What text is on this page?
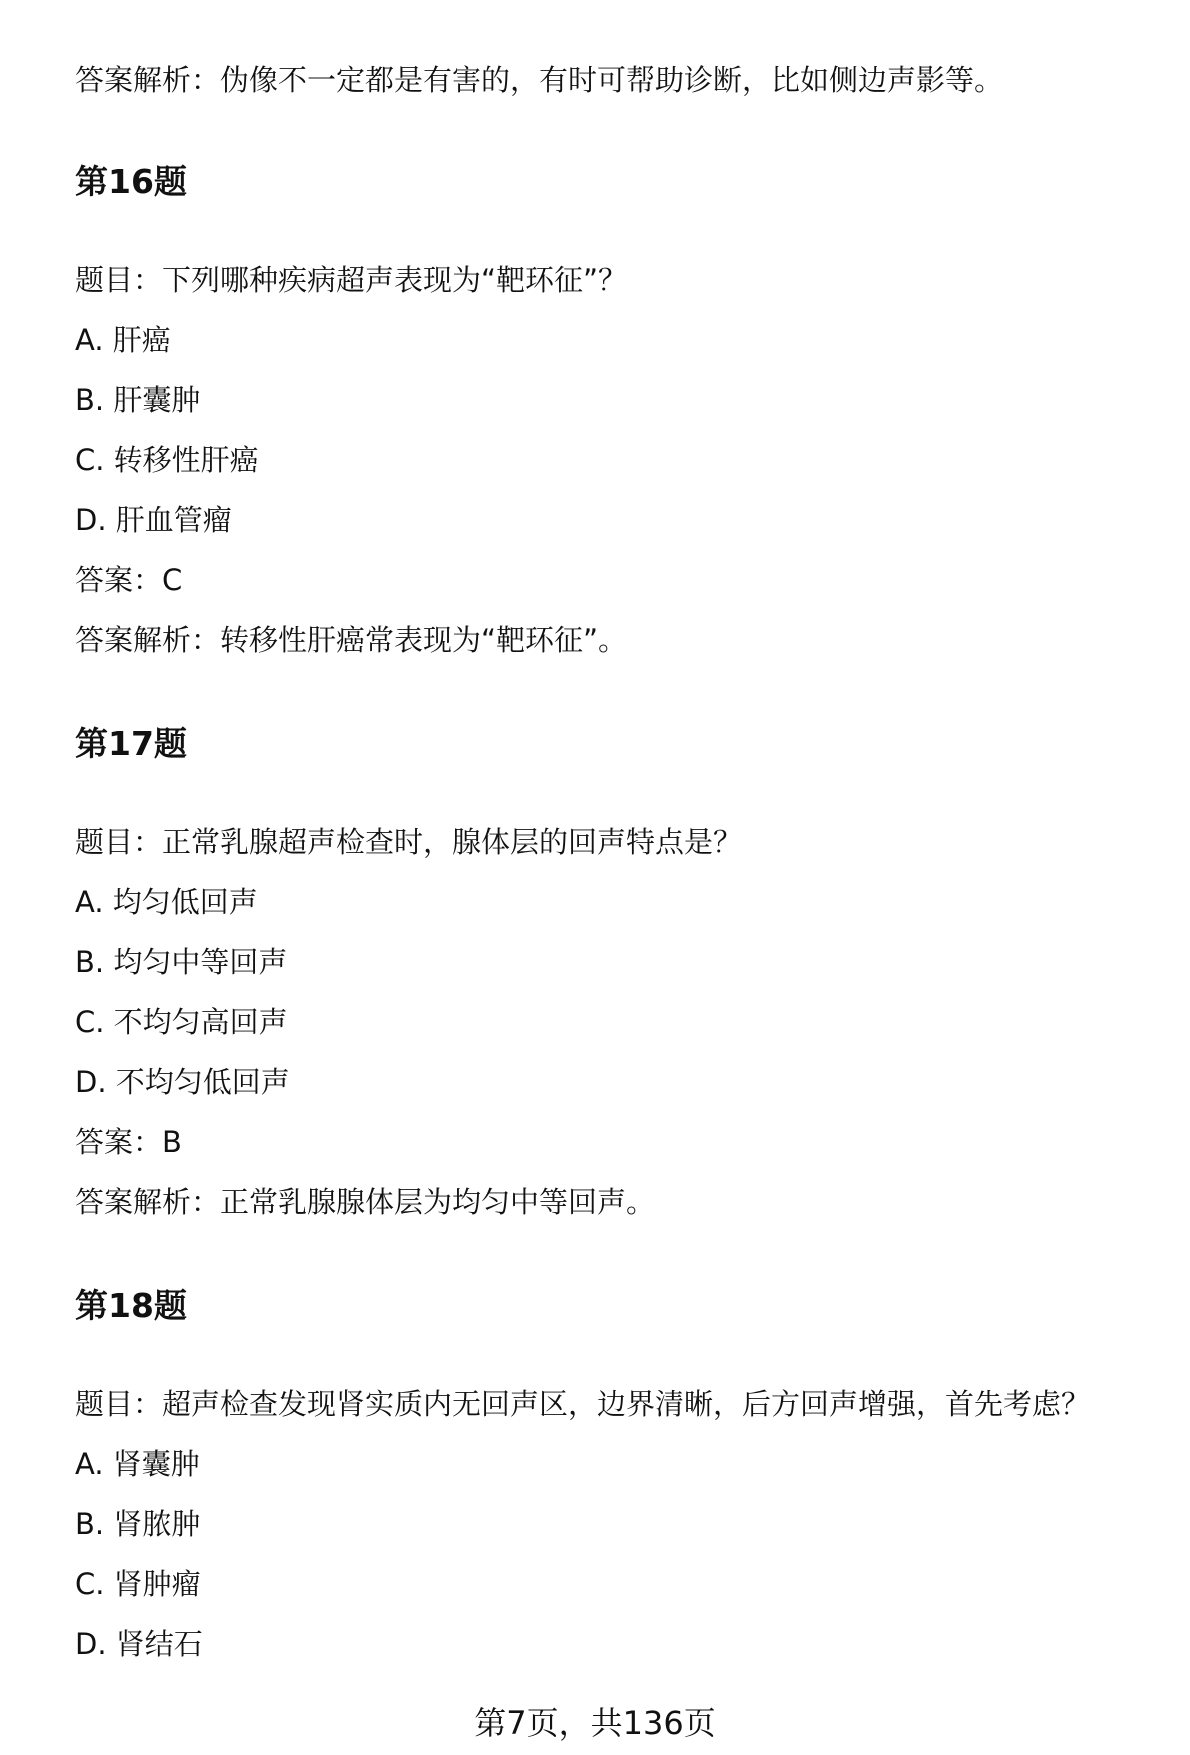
答案解析：伪像不一定都是有害的，有时可帮助诊断，比如侧边声影等。
第16题
题目：下列哪种疾病超声表现为“靶环征”？
A. 肝癌
B. 肝囊肿
C. 转移性肝癌
D. 肝血管瘤
答案：C
答案解析：转移性肝癌常表现为“靶环征”。
第17题
题目：正常乳腺超声检查时，腺体层的回声特点是？
A. 均匀低回声
B. 均匀中等回声
C. 不均匀高回声
D. 不均匀低回声
答案：B
答案解析：正常乳腺腺体层为均匀中等回声。
第18题
题目：超声检查发现肾实质内无回声区，边界清晰，后方回声增强，首先考虑？
A. 肾囊肿
B. 肾脓肿
C. 肾肿瘤
D. 肾结石
第7页，共136页
